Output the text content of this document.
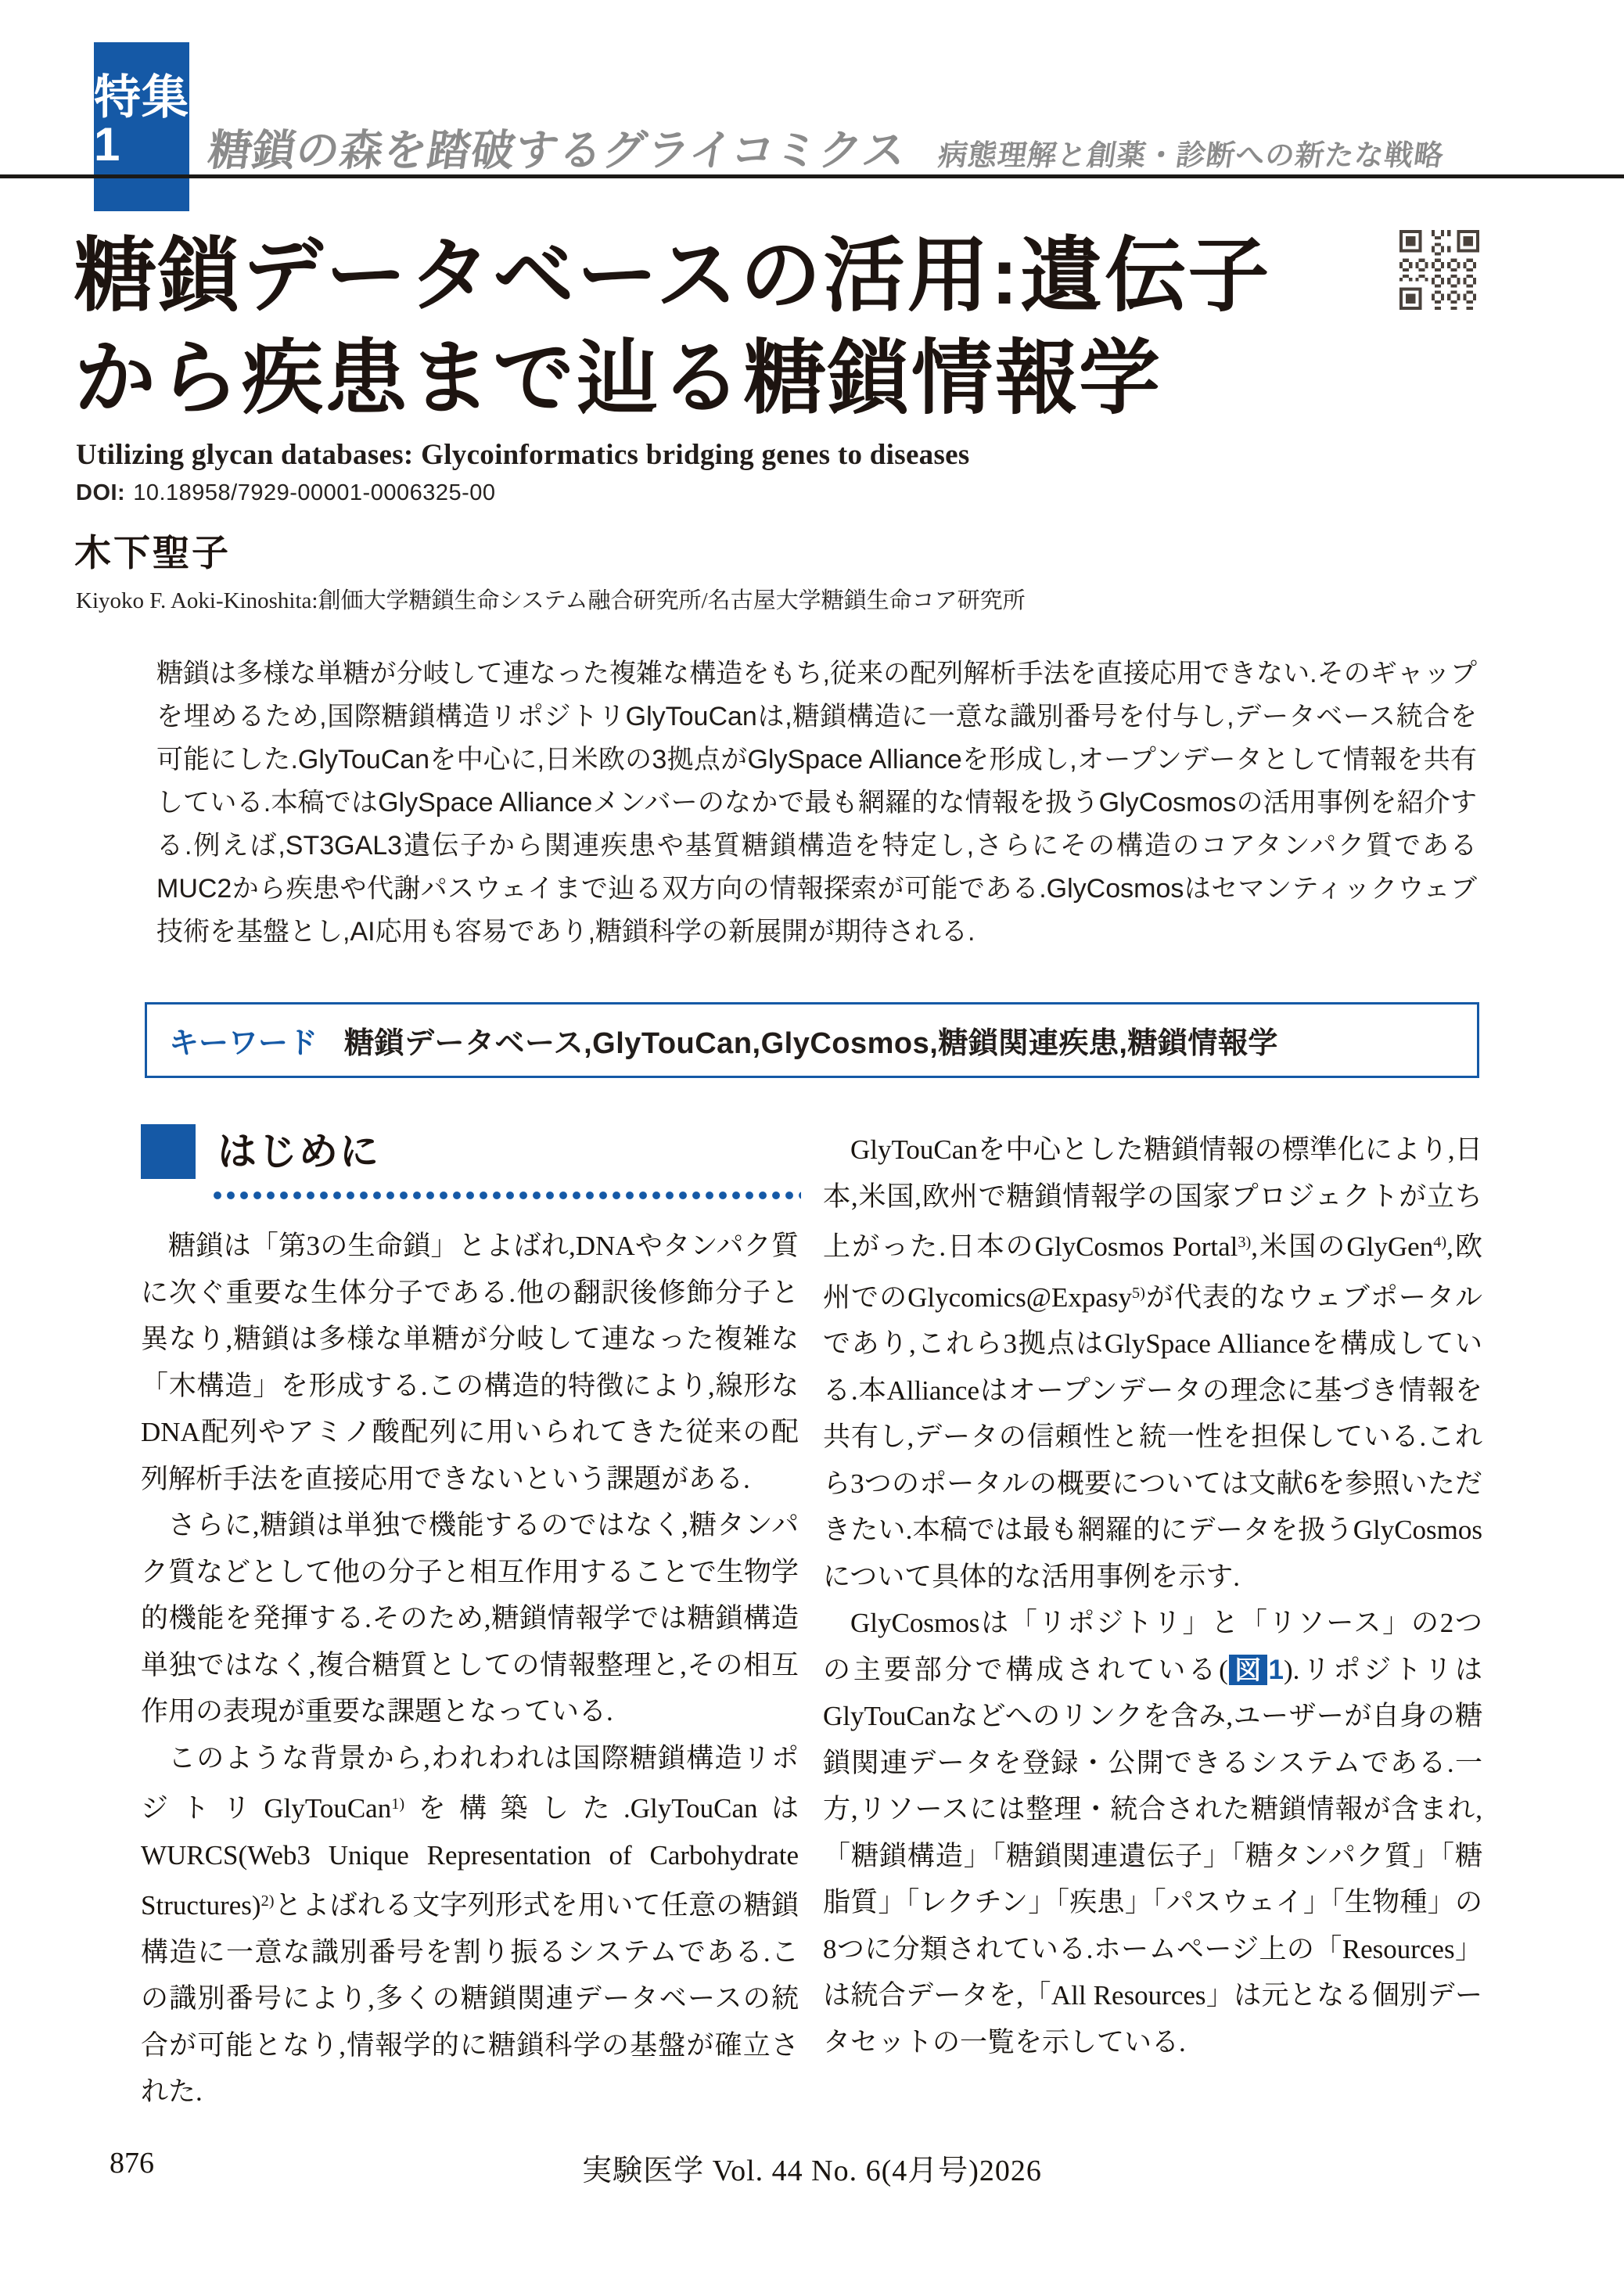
特集1	糖鎖の森を踏破するグライコミクス 病態理解と創薬・診断への新たな戦略
糖鎖データベースの活用:遺伝子
から疾患まで辿る糖鎖情報学
Utilizing glycan databases: Glycoinformatics bridging genes to diseases
DOI: 10.18958/7929-00001-0006325-00
木下聖子
Kiyoko F. Aoki-Kinoshita:創価大学糖鎖生命システム融合研究所/名古屋大学糖鎖生命コア研究所
糖鎖は多様な単糖が分岐して連なった複雑な構造をもち,従来の配列解析手法を直接応用できない.そのギャップを埋めるため,国際糖鎖構造リポジトリGlyTouCanは,糖鎖構造に一意な識別番号を付与し,データベース統合を可能にした.GlyTouCanを中心に,日米欧の3拠点がGlySpace Allianceを形成し,オープンデータとして情報を共有している.本稿ではGlySpace Allianceメンバーのなかで最も網羅的な情報を扱うGlyCosmosの活用事例を紹介する.例えば,ST3GAL3遺伝子から関連疾患や基質糖鎖構造を特定し,さらにその構造のコアタンパク質であるMUC2から疾患や代謝パスウェイまで辿る双方向の情報探索が可能である.GlyCosmosはセマンティックウェブ技術を基盤とし,AI応用も容易であり,糖鎖科学の新展開が期待される.
キーワード 糖鎖データベース,GlyTouCan,GlyCosmos,糖鎖関連疾患,糖鎖情報学
はじめに

糖鎖は「第3の生命鎖」とよばれ,DNAやタンパク質に次ぐ重要な生体分子である.他の翻訳後修飾分子と異なり,糖鎖は多様な単糖が分岐して連なった複雑な「木構造」を形成する.この構造的特徴により,線形なDNA配列やアミノ酸配列に用いられてきた従来の配列解析手法を直接応用できないという課題がある.

さらに,糖鎖は単独で機能するのではなく,糖タンパク質などとして他の分子と相互作用することで生物学的機能を発揮する.そのため,糖鎖情報学では糖鎖構造単独ではなく,複合糖質としての情報整理と,その相互作用の表現が重要な課題となっている.

このような背景から,われわれは国際糖鎖構造リポジトリGlyTouCan$^{1)}$を構築した.GlyTouCanはWURCS(Web3 Unique Representation of Carbohydrate Structures)$^{2)}$とよばれる文字列形式を用いて任意の糖鎖構造に一意な識別番号を割り振るシステムである.この識別番号により,多くの糖鎖関連データベースの統合が可能となり,情報学的に糖鎖科学の基盤が確立された.

GlyTouCanを中心とした糖鎖情報の標準化により,日本,米国,欧州で糖鎖情報学の国家プロジェクトが立ち上がった.日本のGlyCosmos Portal$^{3)}$,米国のGlyGen$^{4)}$,欧州でのGlycomics@Expasy$^{5)}$が代表的なウェブポータルであり,これら3拠点はGlySpace Allianceを構成している.本Allianceはオープンデータの理念に基づき情報を共有し,データの信頼性と統一性を担保している.これら3つのポータルの概要については文献6を参照いただきたい.本稿では最も網羅的にデータを扱うGlyCosmosについて具体的な活用事例を示す.

GlyCosmosは「リポジトリ」と「リソース」の2つの主要部分で構成されている( 図 1).リポジトリはGlyTouCanなどへのリンクを含み,ユーザーが自身の糖鎖関連データを登録・公開できるシステムである.一方,リソースには整理・統合された糖鎖情報が含まれ,「糖鎖構造」「糖鎖関連遺伝子」「糖タンパク質」「糖脂質」「レクチン」「疾患」「パスウェイ」「生物種」の8つに分類されている.ホームページ上の「Resources」は統合データを,「All Resources」は元となる個別データセットの一覧を示している.

876	実験医学 Vol. 44 No. 6(4月号)2026
